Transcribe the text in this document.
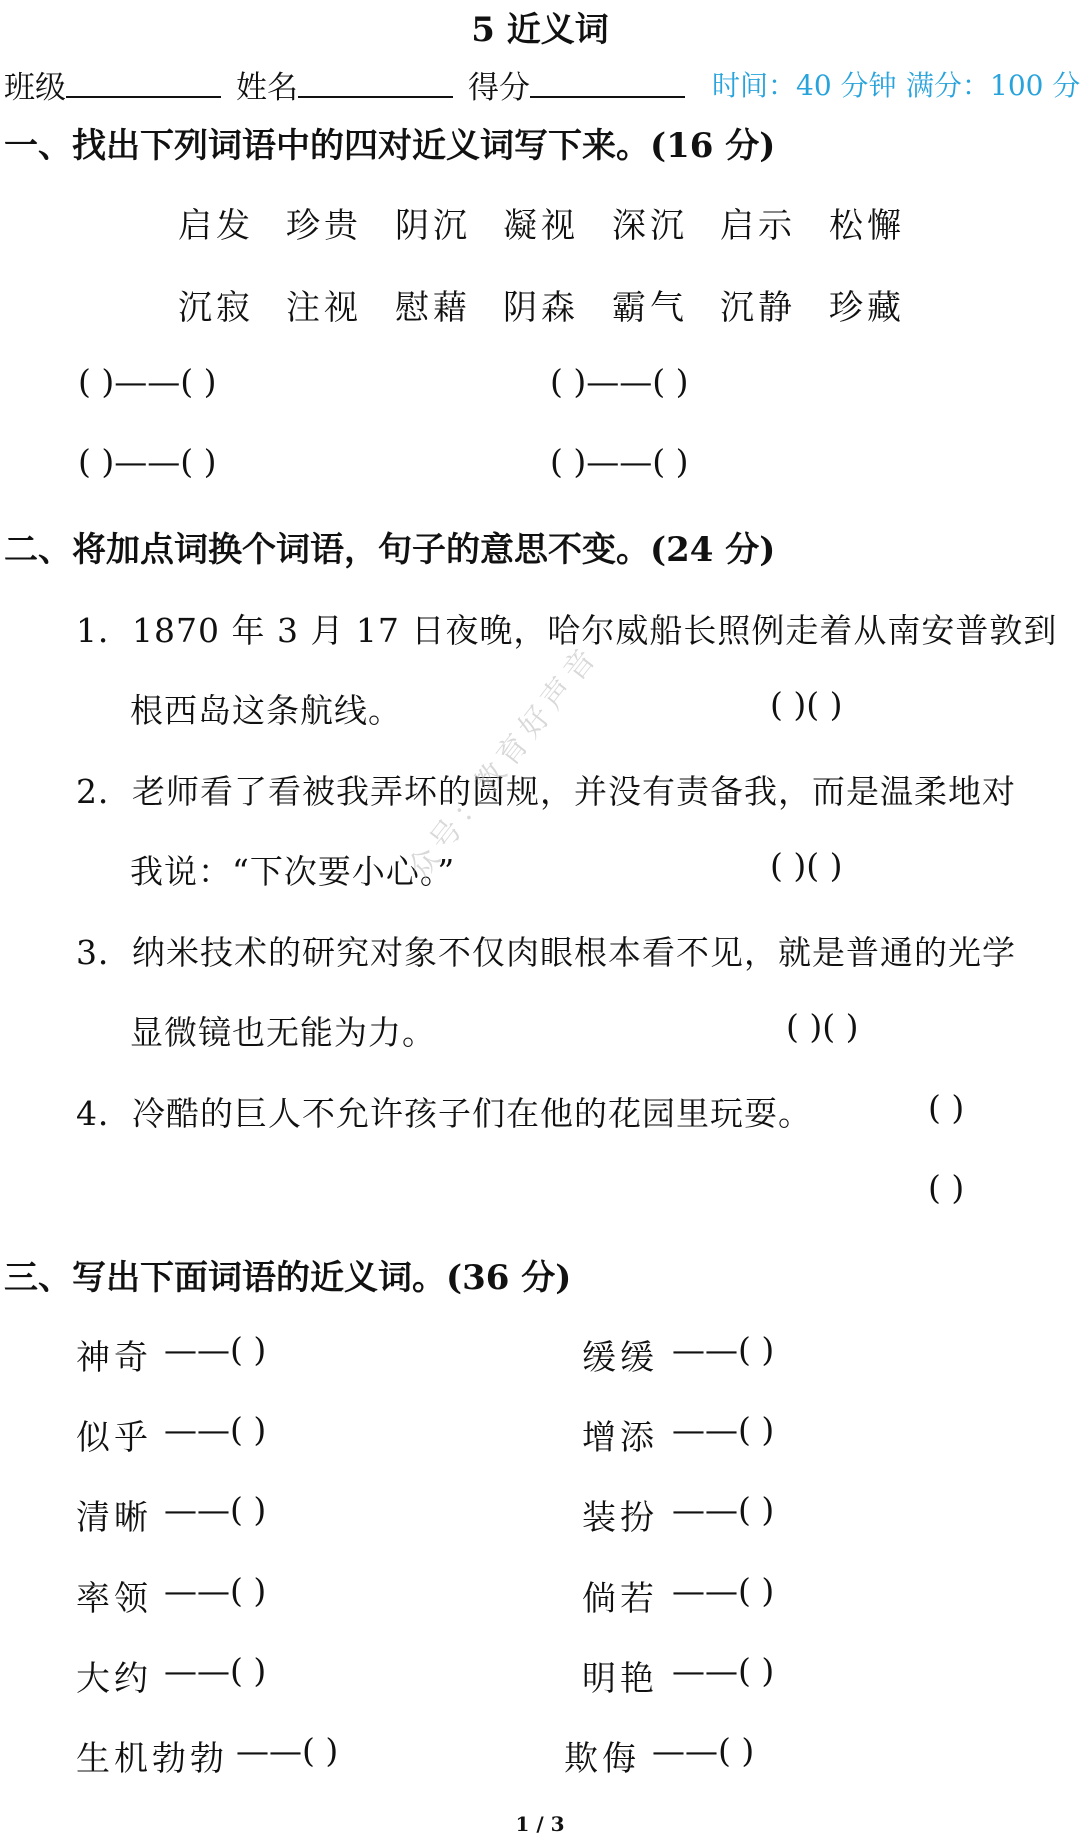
5 近义词
班级	姓名	得分	时间：40 分钟 满分：100 分
一、找出下列词语中的四对近义词写下来。(16 分)
启发 珍贵 阴沉 凝视 深沉 启示 松懈
沉寂 注视 慰藉 阴森 霸气 沉静 珍藏
( )——( )	( )——( )
( )——( )	( )——( )
二、将加点词换个词语，句子的意思不变。(24 分)
1．1870 年 3 月 17 日夜晚，哈尔威船长照例走着从南安普敦到
根西岛这条航线。	( )( )
2．老师看了看被我弄坏的圆规，并没有责备我，而是温柔地对
我说：“下次要小心。”	( )( )
3．纳米技术的研究对象不仅肉眼根本看不见，就是普通的光学
显微镜也无能为力。	( )( )
4．冷酷的巨人不允许孩子们在他的花园里玩耍。	( )
( )
三、写出下面词语的近义词。(36 分)
神奇 ——( )	缓缓 ——( )
似乎 ——( )	增添 ——( )
清晰 ——( )	装扮 ——( )
率领 ——( )	倘若 ——( )
大约 ——( )	明艳 ——( )
生机勃勃 ——( )	欺侮 ——( )
众号：教育好声音
1 / 3
